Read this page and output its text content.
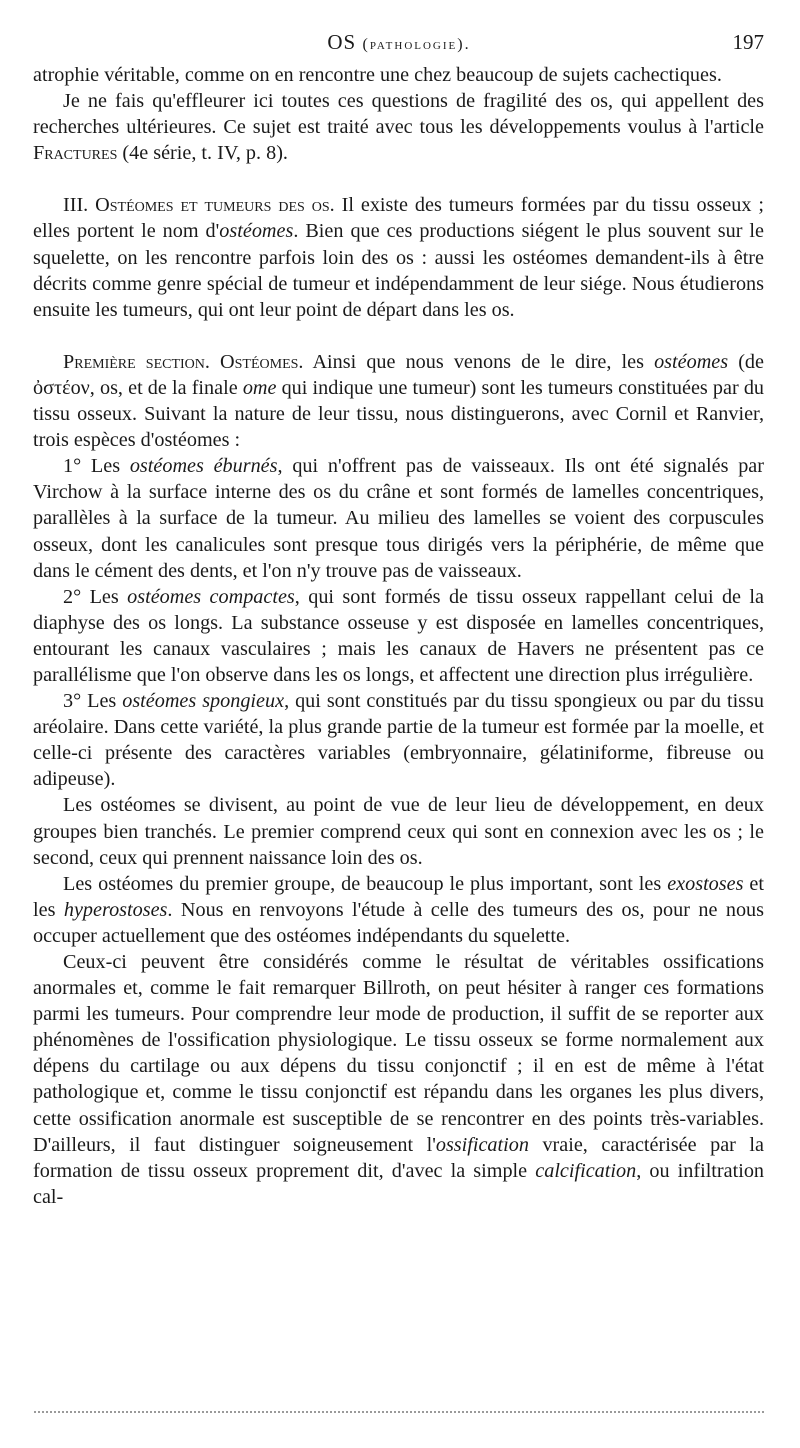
OS (pathologie).	197

atrophie véritable, comme on en rencontre une chez beaucoup de sujets cachectiques.

Je ne fais qu'effleurer ici toutes ces questions de fragilité des os, qui appellent des recherches ultérieures. Ce sujet est traité avec tous les développements voulus à l'article Fractures (4e série, t. IV, p. 8).

III. Ostéomes et tumeurs des os. Il existe des tumeurs formées par du tissu osseux ; elles portent le nom d'ostéomes. Bien que ces productions siégent le plus souvent sur le squelette, on les rencontre parfois loin des os : aussi les ostéomes demandent-ils à être décrits comme genre spécial de tumeur et indépendamment de leur siége. Nous étudierons ensuite les tumeurs, qui ont leur point de départ dans les os.

Première section. Ostéomes. Ainsi que nous venons de le dire, les ostéomes (de ὀστέον, os, et de la finale ome qui indique une tumeur) sont les tumeurs constituées par du tissu osseux. Suivant la nature de leur tissu, nous distinguerons, avec Cornil et Ranvier, trois espèces d'ostéomes :

1° Les ostéomes éburnés, qui n'offrent pas de vaisseaux. Ils ont été signalés par Virchow à la surface interne des os du crâne et sont formés de lamelles concentriques, parallèles à la surface de la tumeur. Au milieu des lamelles se voient des corpuscules osseux, dont les canalicules sont presque tous dirigés vers la périphérie, de même que dans le cément des dents, et l'on n'y trouve pas de vaisseaux.

2° Les ostéomes compactes, qui sont formés de tissu osseux rappellant celui de la diaphyse des os longs. La substance osseuse y est disposée en lamelles concentriques, entourant les canaux vasculaires ; mais les canaux de Havers ne présentent pas ce parallélisme que l'on observe dans les os longs, et affectent une direction plus irrégulière.

3° Les ostéomes spongieux, qui sont constitués par du tissu spongieux ou par du tissu aréolaire. Dans cette variété, la plus grande partie de la tumeur est formée par la moelle, et celle-ci présente des caractères variables (embryonnaire, gélatiniforme, fibreuse ou adipeuse).

Les ostéomes se divisent, au point de vue de leur lieu de développement, en deux groupes bien tranchés. Le premier comprend ceux qui sont en connexion avec les os ; le second, ceux qui prennent naissance loin des os.

Les ostéomes du premier groupe, de beaucoup le plus important, sont les exostoses et les hyperostoses. Nous en renvoyons l'étude à celle des tumeurs des os, pour ne nous occuper actuellement que des ostéomes indépendants du squelette.

Ceux-ci peuvent être considérés comme le résultat de véritables ossifications anormales et, comme le fait remarquer Billroth, on peut hésiter à ranger ces formations parmi les tumeurs. Pour comprendre leur mode de production, il suffit de se reporter aux phénomènes de l'ossification physiologique. Le tissu osseux se forme normalement aux dépens du cartilage ou aux dépens du tissu conjonctif ; il en est de même à l'état pathologique et, comme le tissu conjonctif est répandu dans les organes les plus divers, cette ossification anormale est susceptible de se rencontrer en des points très-variables. D'ailleurs, il faut distinguer soigneusement l'ossification vraie, caractérisée par la formation de tissu osseux proprement dit, d'avec la simple calcification, ou infiltration cal-
